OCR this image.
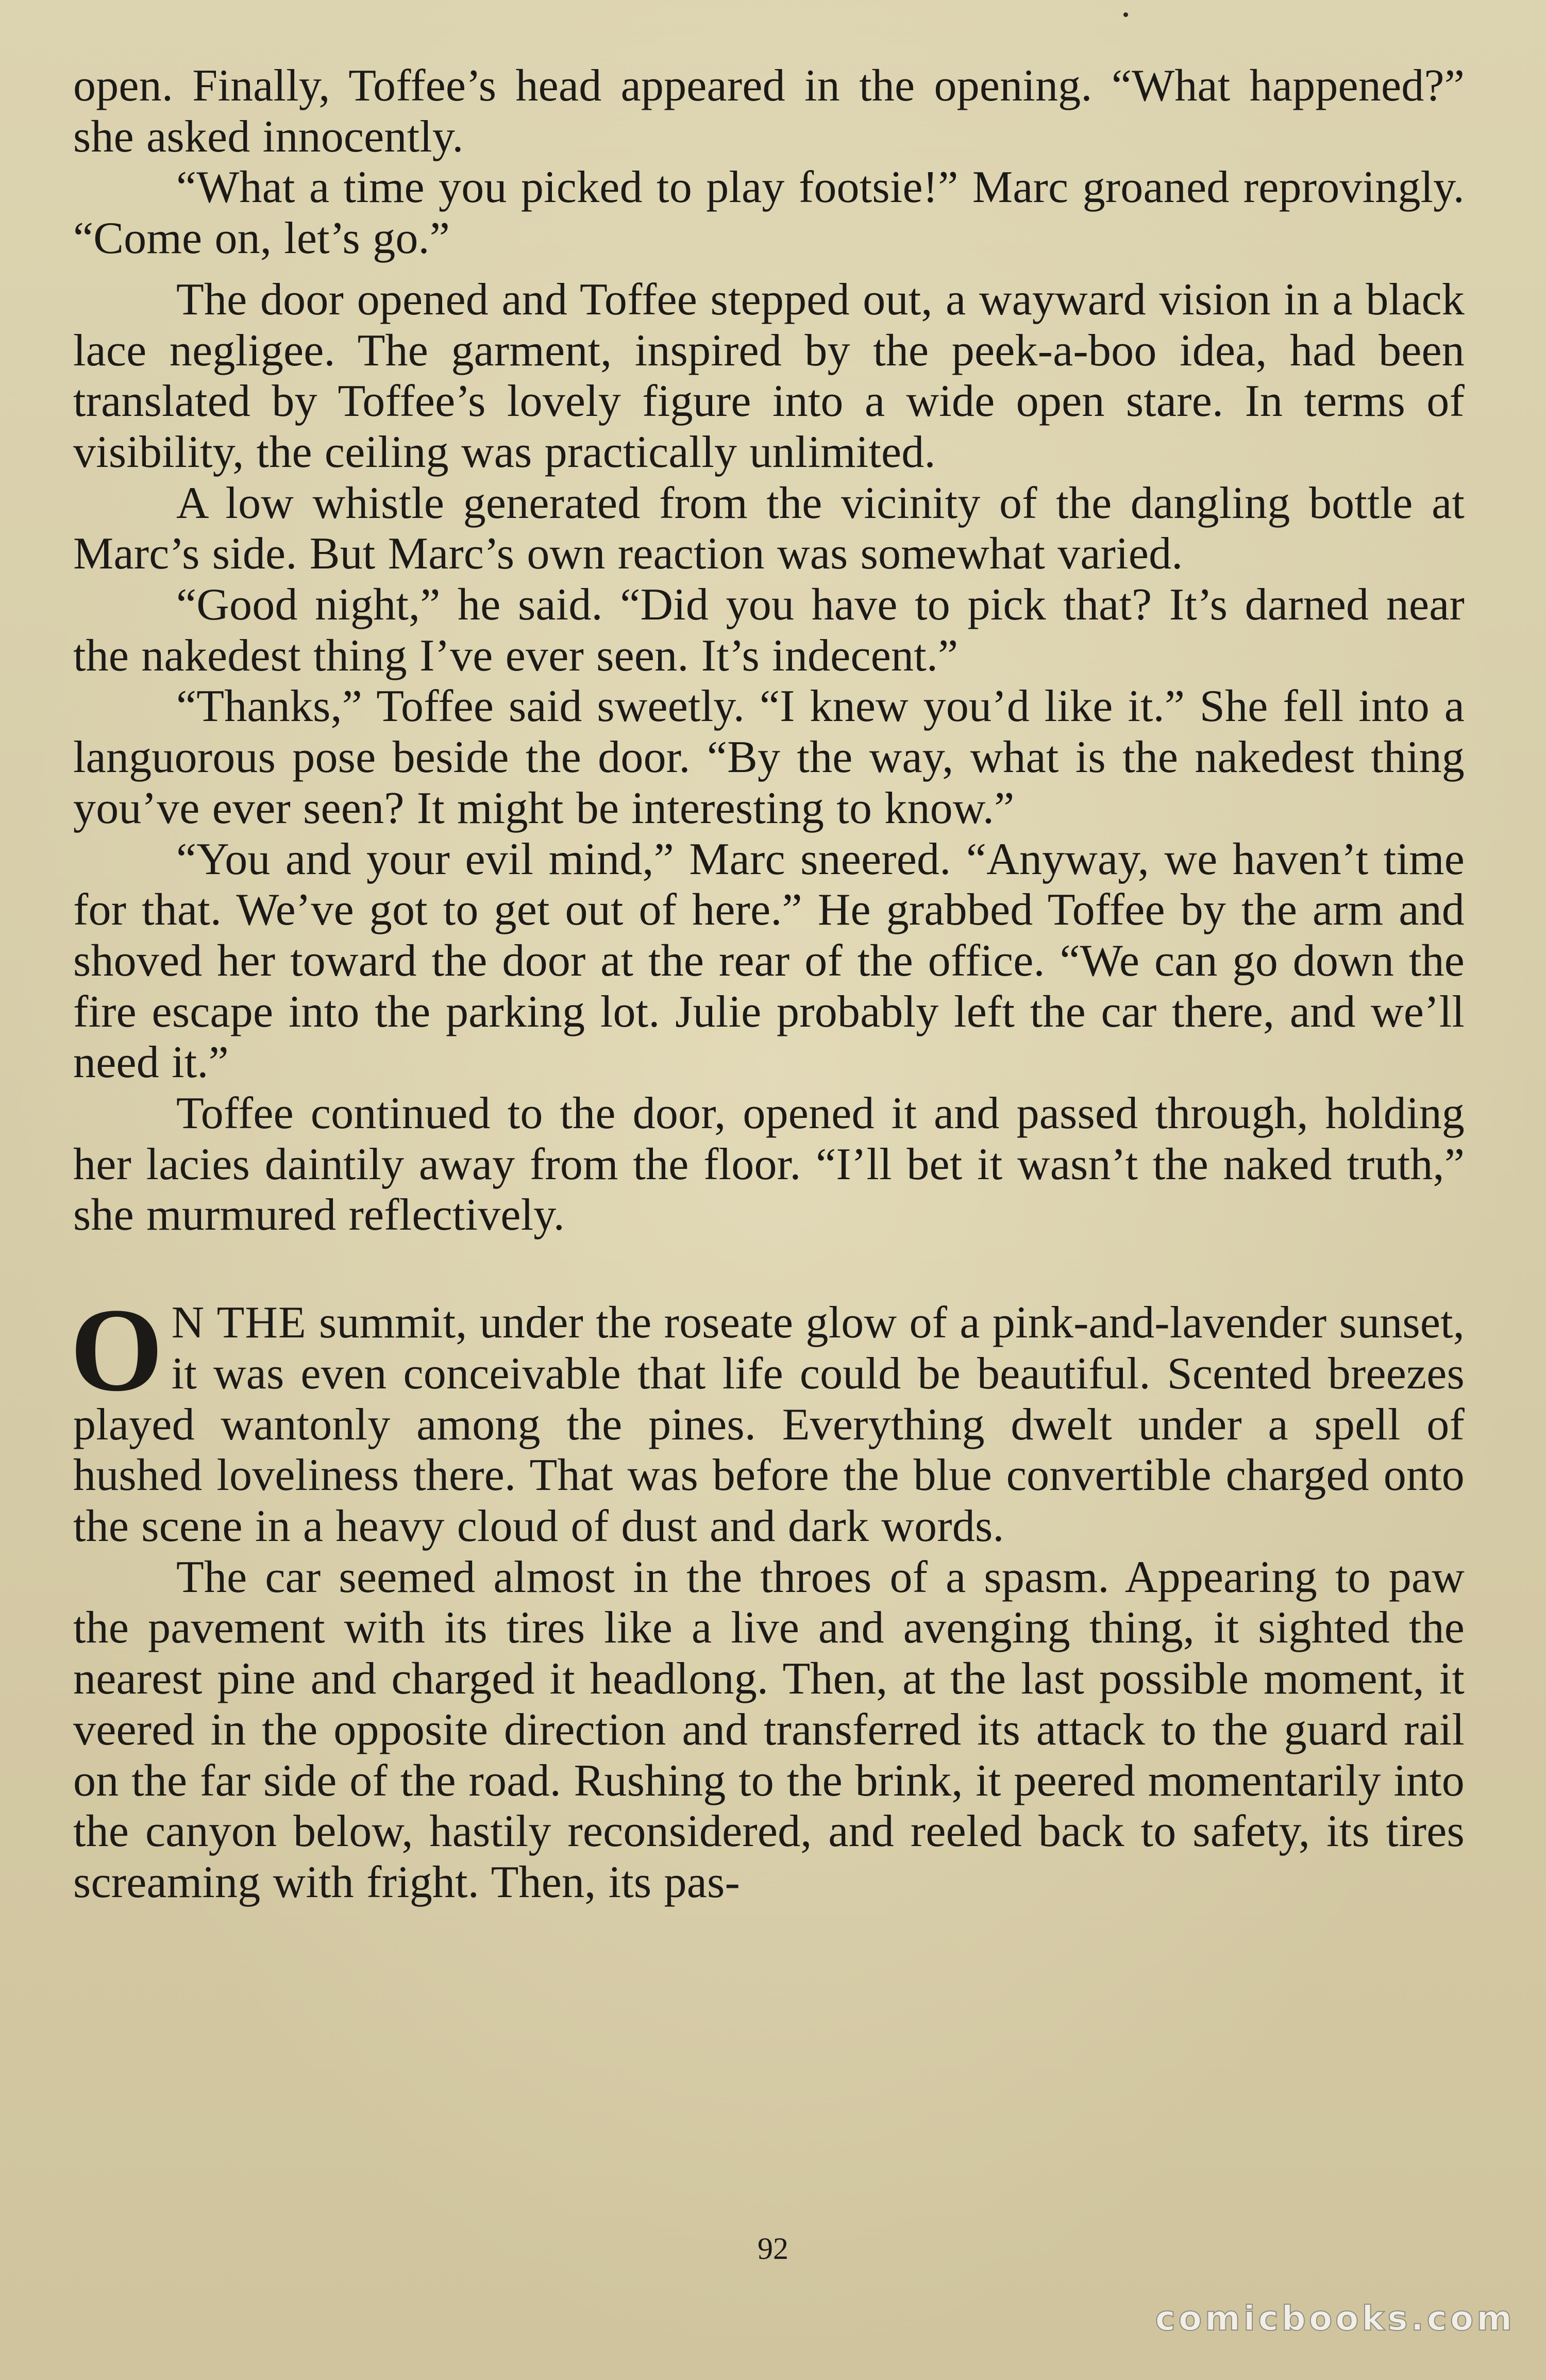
open. Finally, Toffee’s head appeared in the opening. “What happened?” she asked innocently.

“What a time you picked to play footsie!” Marc groaned reprovingly. “Come on, let’s go.”

The door opened and Toffee stepped out, a wayward vision in a black lace negligee. The garment, inspired by the peek-a-boo idea, had been translated by Toffee’s lovely figure into a wide open stare. In terms of visibility, the ceiling was practically unlimited.

A low whistle generated from the vicinity of the dangling bottle at Marc’s side. But Marc’s own reaction was somewhat varied.

“Good night,” he said. “Did you have to pick that? It’s darned near the nakedest thing I’ve ever seen. It’s indecent.”

“Thanks,” Toffee said sweetly. “I knew you’d like it.” She fell into a languorous pose beside the door. “By the way, what is the nakedest thing you’ve ever seen? It might be interesting to know.”

“You and your evil mind,” Marc sneered. “Anyway, we haven’t time for that. We’ve got to get out of here.” He grabbed Toffee by the arm and shoved her toward the door at the rear of the office. “We can go down the fire escape into the parking lot. Julie probably left the car there, and we’ll need it.”

Toffee continued to the door, opened it and passed through, holding her lacies daintily away from the floor. “I’ll bet it wasn’t the naked truth,” she murmured reflectively.

O N THE summit, under the roseate glow of a pink-and-lavender sunset, it was even conceivable that life could be beautiful. Scented breezes played wantonly among the pines. Everything dwelt under a spell of hushed loveliness there. That was before the blue convertible charged onto the scene in a heavy cloud of dust and dark words.

The car seemed almost in the throes of a spasm. Appearing to paw the pavement with its tires like a live and avenging thing, it sighted the nearest pine and charged it headlong. Then, at the last possible moment, it veered in the opposite direction and transferred its attack to the guard rail on the far side of the road. Rushing to the brink, it peered momentarily into the canyon below, hastily reconsidered, and reeled back to safety, its tires screaming with fright. Then, its pas-

92
comicbooks.com
